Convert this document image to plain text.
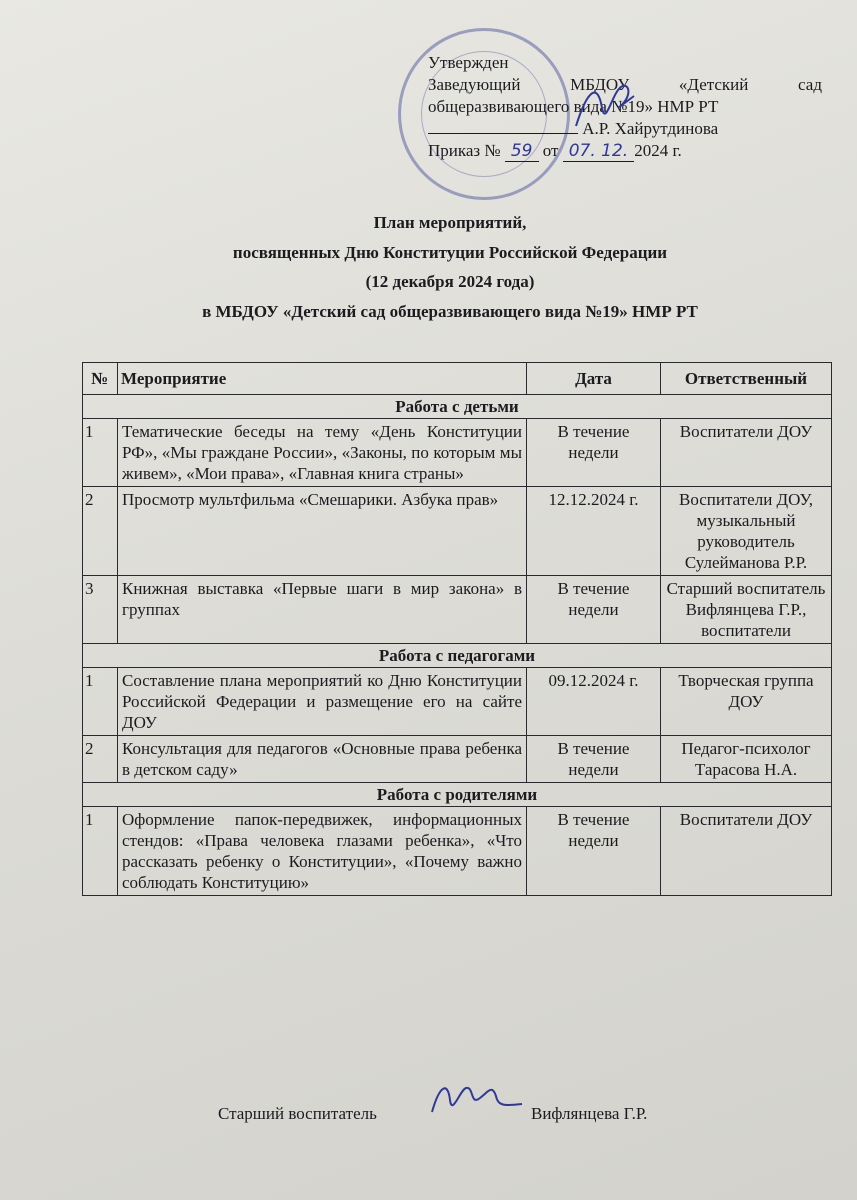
Утвержден
Заведующий	МБДОУ	«Детский	сад
общеразвивающего вида №19» НМР РТ
А.Р. Хайрутдинова
Приказ № 59 от 07. 12. 2024 г.
План мероприятий,
посвященных Дню Конституции Российской Федерации
(12 декабря 2024 года)
в МБДОУ «Детский сад общеразвивающего вида №19» НМР РТ
№	Мероприятие	Дата	Ответственный
Работа с детьми			
1	Тематические беседы на тему «День Конституции РФ», «Мы граждане России», «Законы, по которым мы живем», «Мои права», «Главная книга страны»	В течение недели	Воспитатели ДОУ
2	Просмотр мультфильма «Смешарики. Азбука прав»	12.12.2024 г.	Воспитатели ДОУ, музыкальный руководитель Сулейманова Р.Р.
3	Книжная выставка «Первые шаги в мир закона» в группах	В течение недели	Старший воспитатель Вифлянцева Г.Р., воспитатели
Работа с педагогами			
1	Составление плана мероприятий ко Дню Конституции Российской Федерации и размещение его на сайте ДОУ	09.12.2024 г.	Творческая группа ДОУ
2	Консультация для педагогов «Основные права ребенка в детском саду»	В течение недели	Педагог-психолог Тарасова Н.А.
Работа с родителями			
1	Оформление папок-передвижек, информационных стендов: «Права человека глазами ребенка», «Что рассказать ребенку о Конституции», «Почему важно соблюдать Конституцию»	В течение недели	Воспитатели ДОУ
Старший воспитатель	Вифлянцева Г.Р.
